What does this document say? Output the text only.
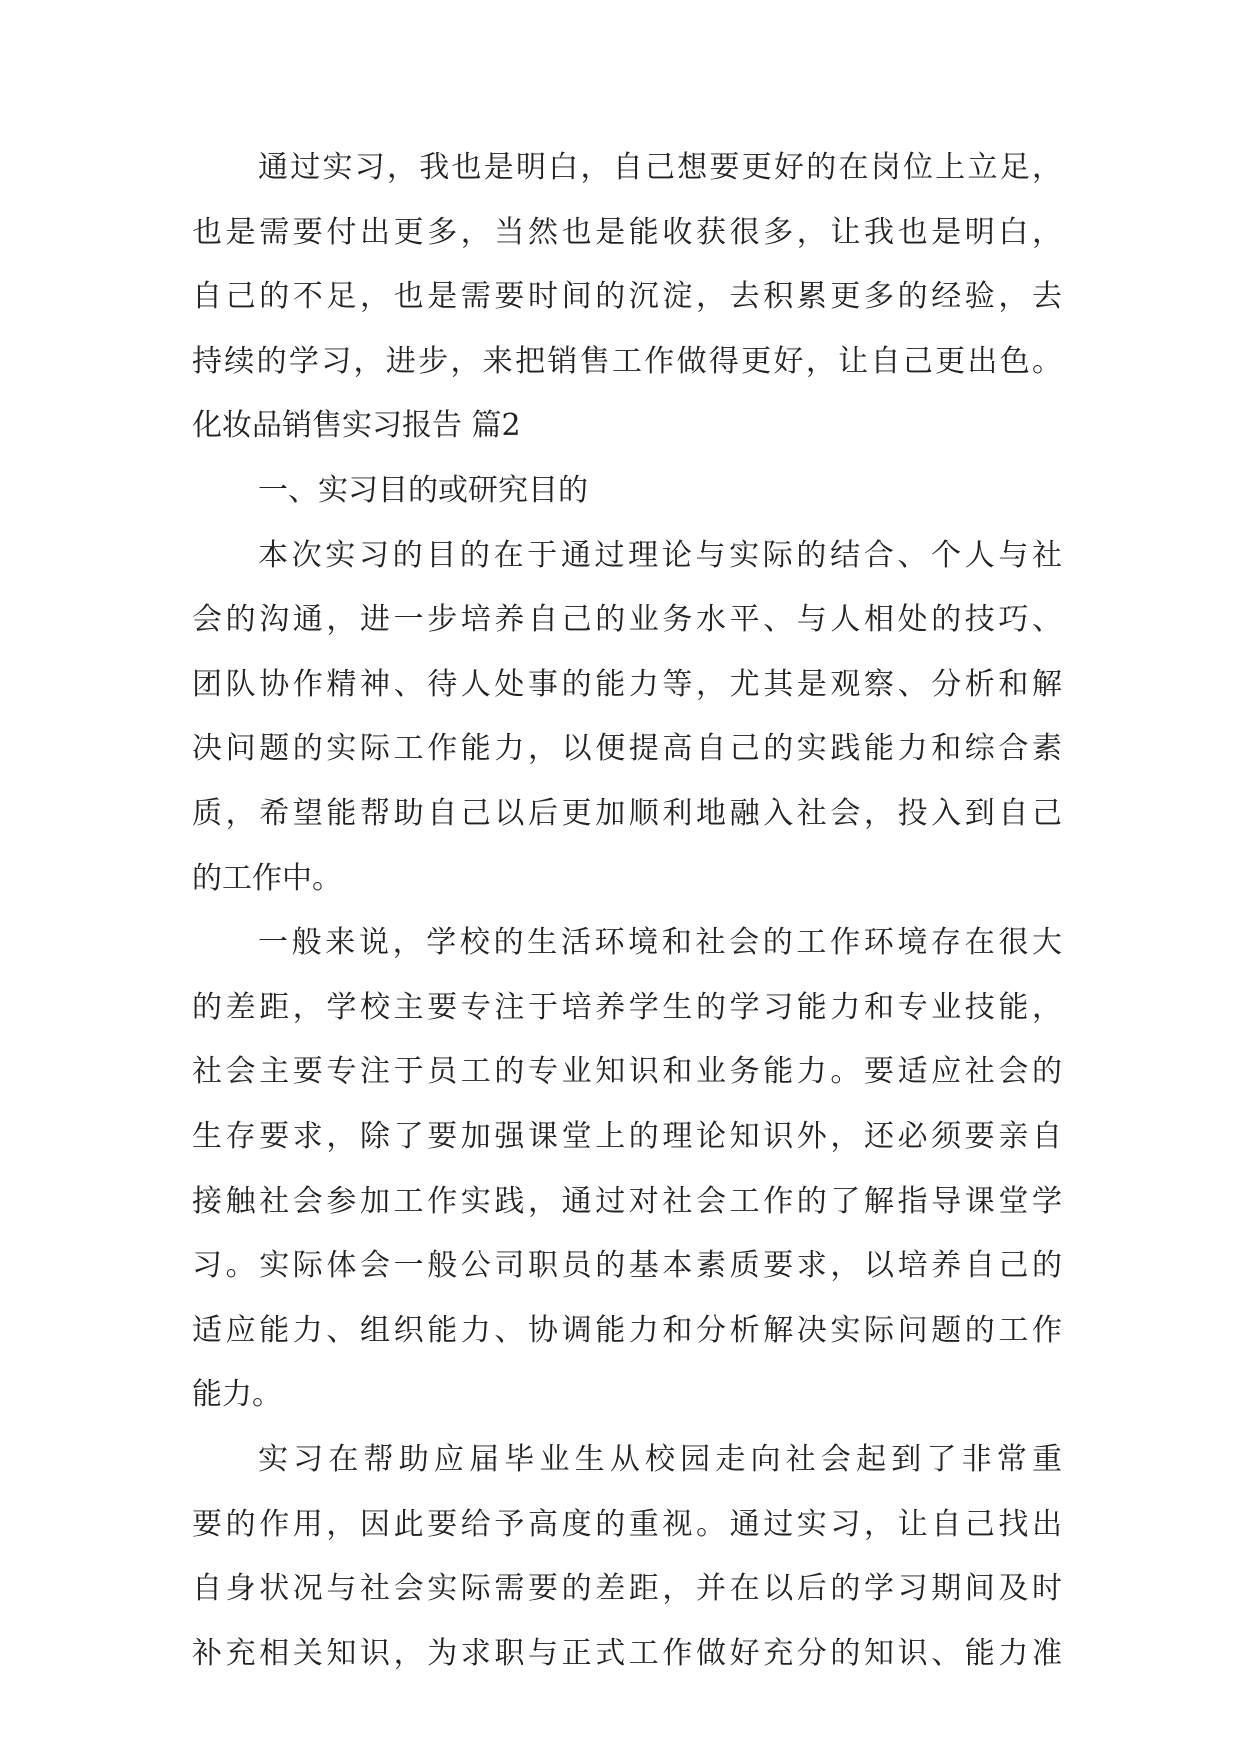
通过实习，我也是明白，自己想要更好的在岗位上立足，
也是需要付出更多，当然也是能收获很多，让我也是明白，
自己的不足，也是需要时间的沉淀，去积累更多的经验，去
持续的学习，进步，来把销售工作做得更好，让自己更出色。
化妆品销售实习报告 篇2
一、实习目的或研究目的
本次实习的目的在于通过理论与实际的结合、个人与社
会的沟通，进一步培养自己的业务水平、与人相处的技巧、
团队协作精神、待人处事的能力等，尤其是观察、分析和解
决问题的实际工作能力，以便提高自己的实践能力和综合素
质，希望能帮助自己以后更加顺利地融入社会，投入到自己
的工作中。
一般来说，学校的生活环境和社会的工作环境存在很大
的差距，学校主要专注于培养学生的学习能力和专业技能，
社会主要专注于员工的专业知识和业务能力。要适应社会的
生存要求，除了要加强课堂上的理论知识外，还必须要亲自
接触社会参加工作实践，通过对社会工作的了解指导课堂学
习。实际体会一般公司职员的基本素质要求，以培养自己的
适应能力、组织能力、协调能力和分析解决实际问题的工作
能力。
实习在帮助应届毕业生从校园走向社会起到了非常重
要的作用，因此要给予高度的重视。通过实习，让自己找出
自身状况与社会实际需要的差距，并在以后的学习期间及时
补充相关知识，为求职与正式工作做好充分的知识、能力准
